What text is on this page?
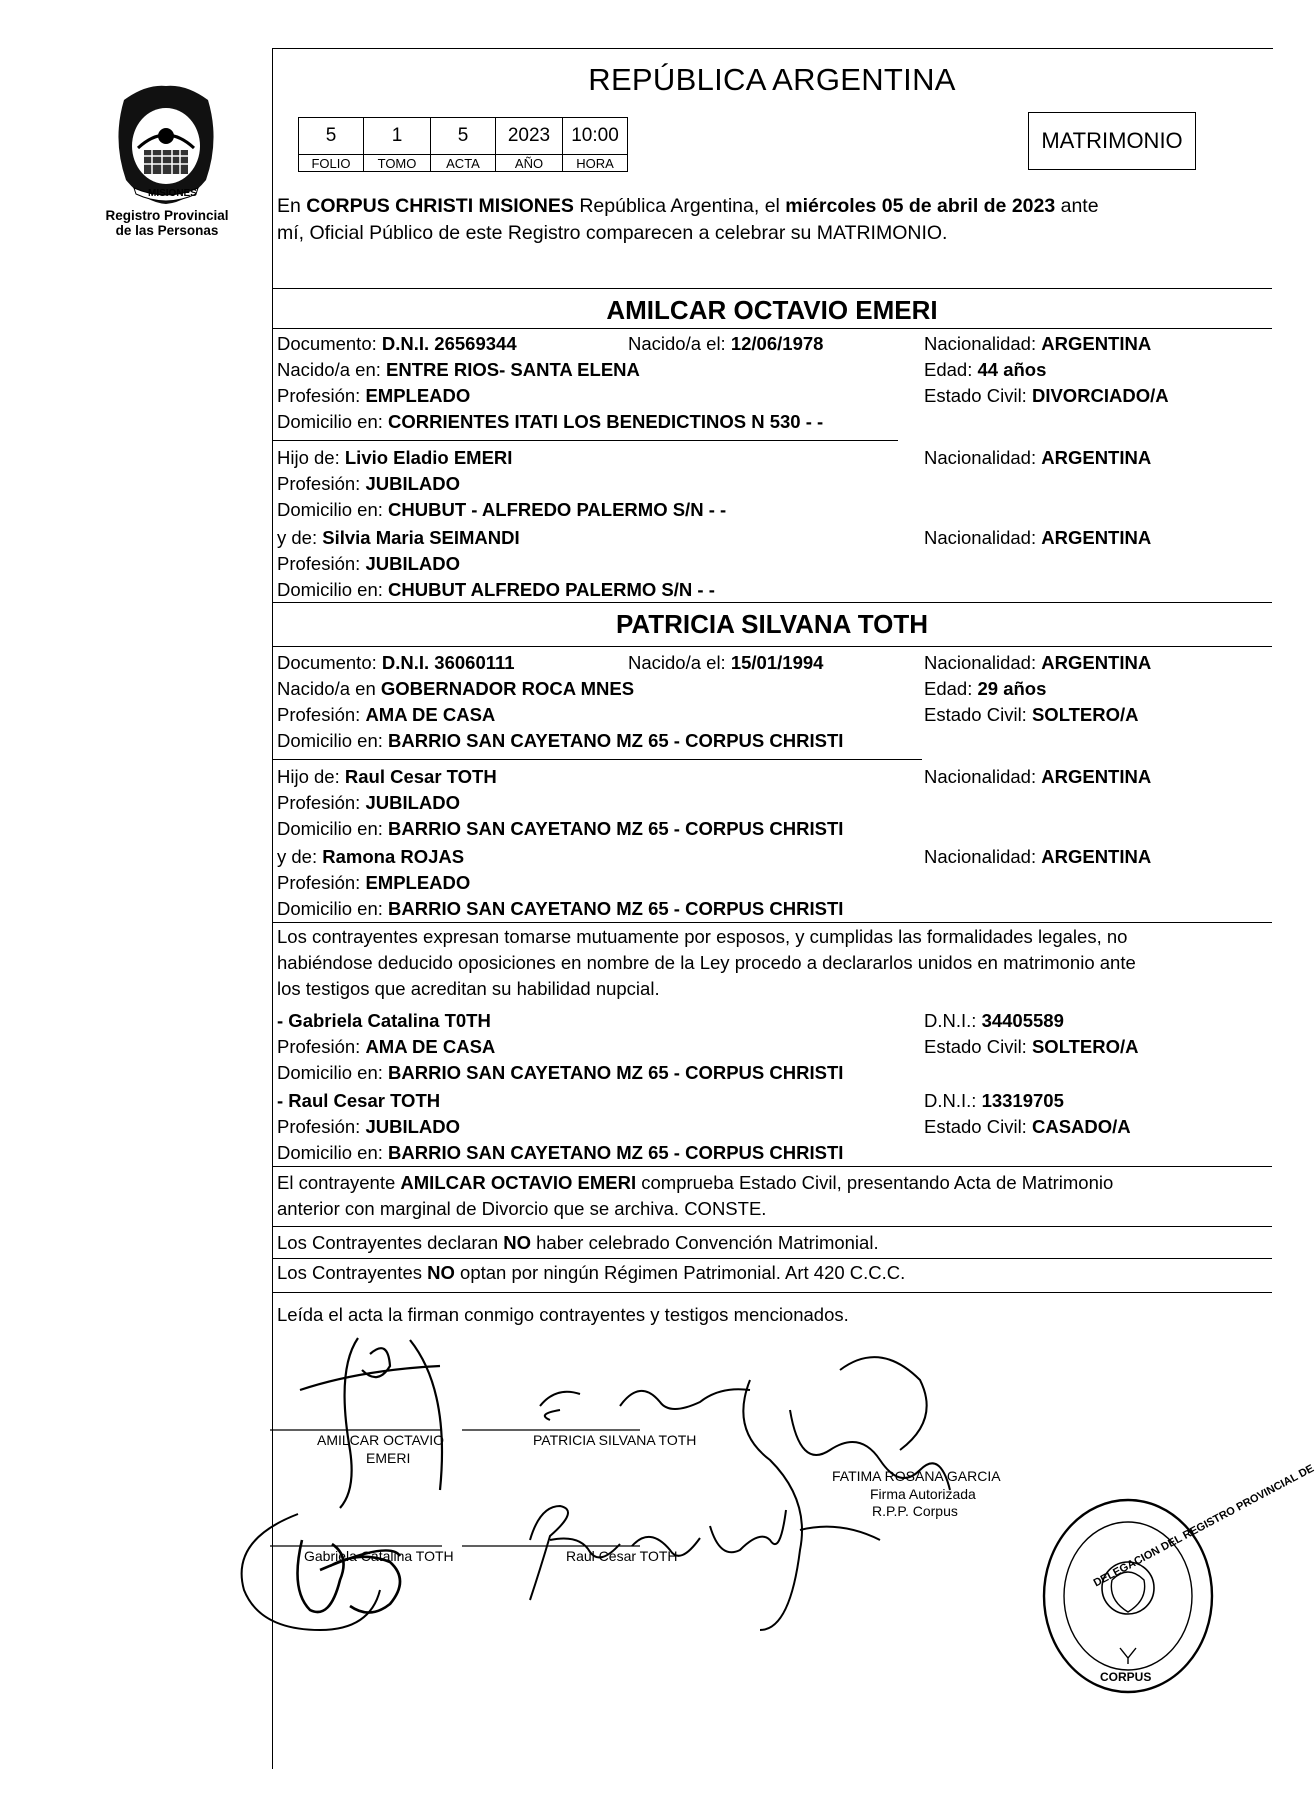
MISIONES
Registro Provincial
de las Personas
REPÚBLICA ARGENTINA
5	1	5	2023	10:00
FOLIO	TOMO	ACTA	AÑO	HORA
MATRIMONIO
En CORPUS CHRISTI MISIONES República Argentina, el miércoles 05 de abril de 2023 ante
mí, Oficial Público de este Registro comparecen a celebrar su MATRIMONIO.
AMILCAR OCTAVIO EMERI
Documento: D.N.I. 26569344	Nacido/a el: 12/06/1978	Nacionalidad: ARGENTINA
Nacido/a en: ENTRE RIOS- SANTA ELENA	Edad: 44 años
Profesión: EMPLEADO	Estado Civil: DIVORCIADO/A
Domicilio en: CORRIENTES ITATI LOS BENEDICTINOS N 530 - -
Hijo de: Livio Eladio EMERI	Nacionalidad: ARGENTINA
Profesión: JUBILADO
Domicilio en: CHUBUT - ALFREDO PALERMO S/N - -
y de: Silvia Maria SEIMANDI	Nacionalidad: ARGENTINA
Profesión: JUBILADO
Domicilio en: CHUBUT ALFREDO PALERMO S/N - -
PATRICIA SILVANA TOTH
Documento: D.N.I. 36060111	Nacido/a el: 15/01/1994	Nacionalidad: ARGENTINA
Nacido/a en GOBERNADOR ROCA MNES	Edad: 29 años
Profesión: AMA DE CASA	Estado Civil: SOLTERO/A
Domicilio en: BARRIO SAN CAYETANO MZ 65 - CORPUS CHRISTI
Hijo de: Raul Cesar TOTH	Nacionalidad: ARGENTINA
Profesión: JUBILADO
Domicilio en: BARRIO SAN CAYETANO MZ 65 - CORPUS CHRISTI
y de: Ramona ROJAS	Nacionalidad: ARGENTINA
Profesión: EMPLEADO
Domicilio en: BARRIO SAN CAYETANO MZ 65 - CORPUS CHRISTI
Los contrayentes expresan tomarse mutuamente por esposos, y cumplidas las formalidades legales, no
habiéndose deducido oposiciones en nombre de la Ley procedo a declararlos unidos en matrimonio ante
los testigos que acreditan su habilidad nupcial.
- Gabriela Catalina T0TH	D.N.I.: 34405589
Profesión: AMA DE CASA	Estado Civil: SOLTERO/A
Domicilio en: BARRIO SAN CAYETANO MZ 65 - CORPUS CHRISTI
- Raul Cesar TOTH	D.N.I.: 13319705
Profesión: JUBILADO	Estado Civil: CASADO/A
Domicilio en: BARRIO SAN CAYETANO MZ 65 - CORPUS CHRISTI
El contrayente AMILCAR OCTAVIO EMERI comprueba Estado Civil, presentando Acta de Matrimonio
anterior con marginal de Divorcio que se archiva. CONSTE.
Los Contrayentes declaran NO haber celebrado Convención Matrimonial.
Los Contrayentes NO optan por ningún Régimen Patrimonial. Art 420 C.C.C.
Leída el acta la firman conmigo contrayentes y testigos mencionados.
AMILCAR OCTAVIO
EMERI
PATRICIA SILVANA TOTH
Gabriela Catalina TOTH	Raul Cesar TOTH
FATIMA ROSANA GARCIA
Firma Autorizada
R.P.P. Corpus	DELEGACION DEL REGISTRO PROVINCIAL DE
CORPUS
